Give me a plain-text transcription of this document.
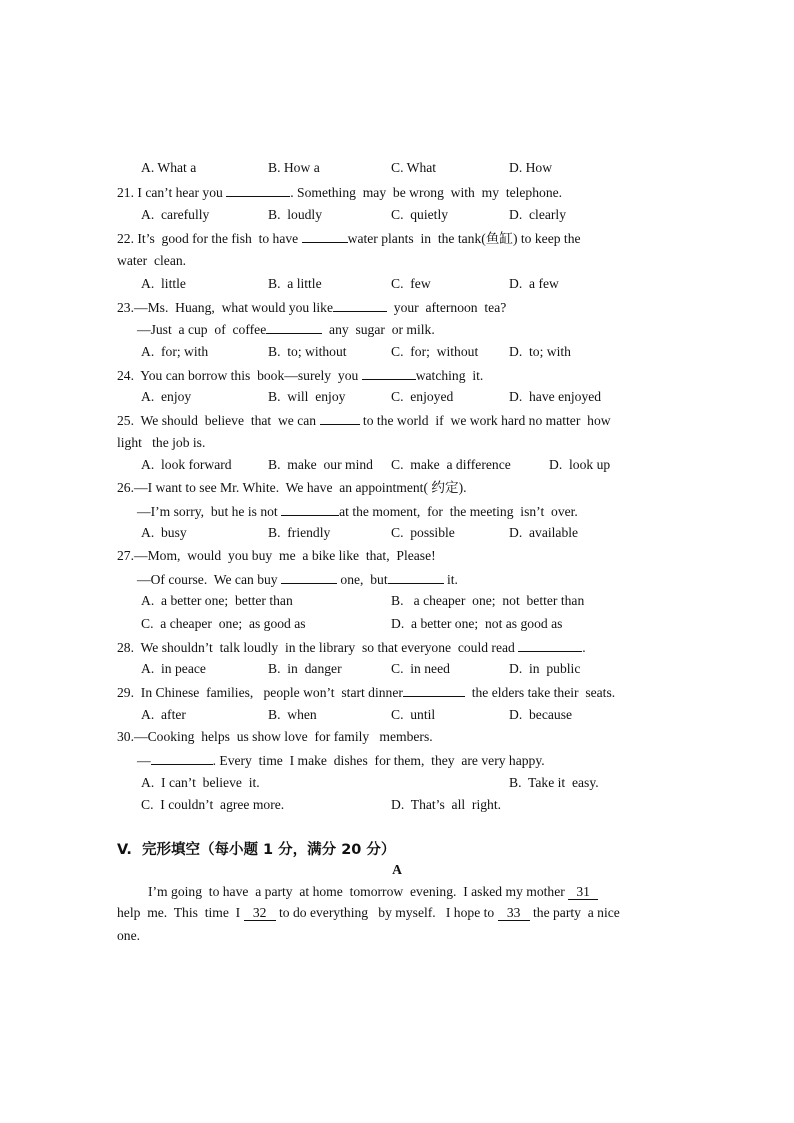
A. What a	B. How a	C. What	D. How
21. I can’t hear you	. Something  may  be wrong  with  my  telephone.
A.  carefully	B.  loudly	C.  quietly	D.  clearly
22. It’s  good for the fish  to have	water plants  in  the tank(鱼缸) to keep the
water  clean.
A.  little	B.  a little	C.  few	D.  a few
23.—Ms.  Huang,  what would you like	your  afternoon  tea?
—Just  a cup  of  coffee	any  sugar  or milk.
A.  for; with	B.  to; without	C.  for;  without D.  to; with
24.  You can borrow this  book—surely  you	watching  it.
A.  enjoy	B.  will  enjoy	C.  enjoyed	D.  have enjoyed
25.  We should  believe  that  we can	to the world  if  we work hard no matter  how
light   the job is.
A.  look forward	B.  make  our mind C.  make  a difference	D.  look up
26.—I want to see Mr. White.  We have  an appointment( 约定).
—I’m sorry,  but he is not	at the moment,  for  the meeting  isn’t  over.
A.  busy	B.  friendly	C.  possible	D.  available
27.—Mom,  would  you buy  me  a bike like  that,  Please!
—Of course.  We can buy	one,  but	it.
A.  a better one;  better than	B.   a cheaper  one;  not  better than
C.  a cheaper  one;  as good as	D.  a better one;  not as good as
28.  We shouldn’t  talk loudly  in the library  so that everyone  could read	.
A.  in peace	B.  in  danger	C.  in need	D.  in  public
29.  In Chinese  families,   people won’t  start dinner	the elders take their  seats.
A.  after	B.  when	C.  until	D.  because
30.—Cooking  helps  us show love  for family   members.
—	. Every  time  I make  dishes  for them,  they  are very happy.
A.  I can’t  believe  it.	B.  Take it  easy.
C.  I couldn’t  agree more.	D.  That’s  all  right.
V.  完形填空（每小题 1 分，满分 20 分）
A
I’m going  to have  a party  at home  tomorrow  evening.  I asked my mother 31
help  me.  This  time  I 32 to do everything   by myself.   I hope to 33 the party  a nice
one.
